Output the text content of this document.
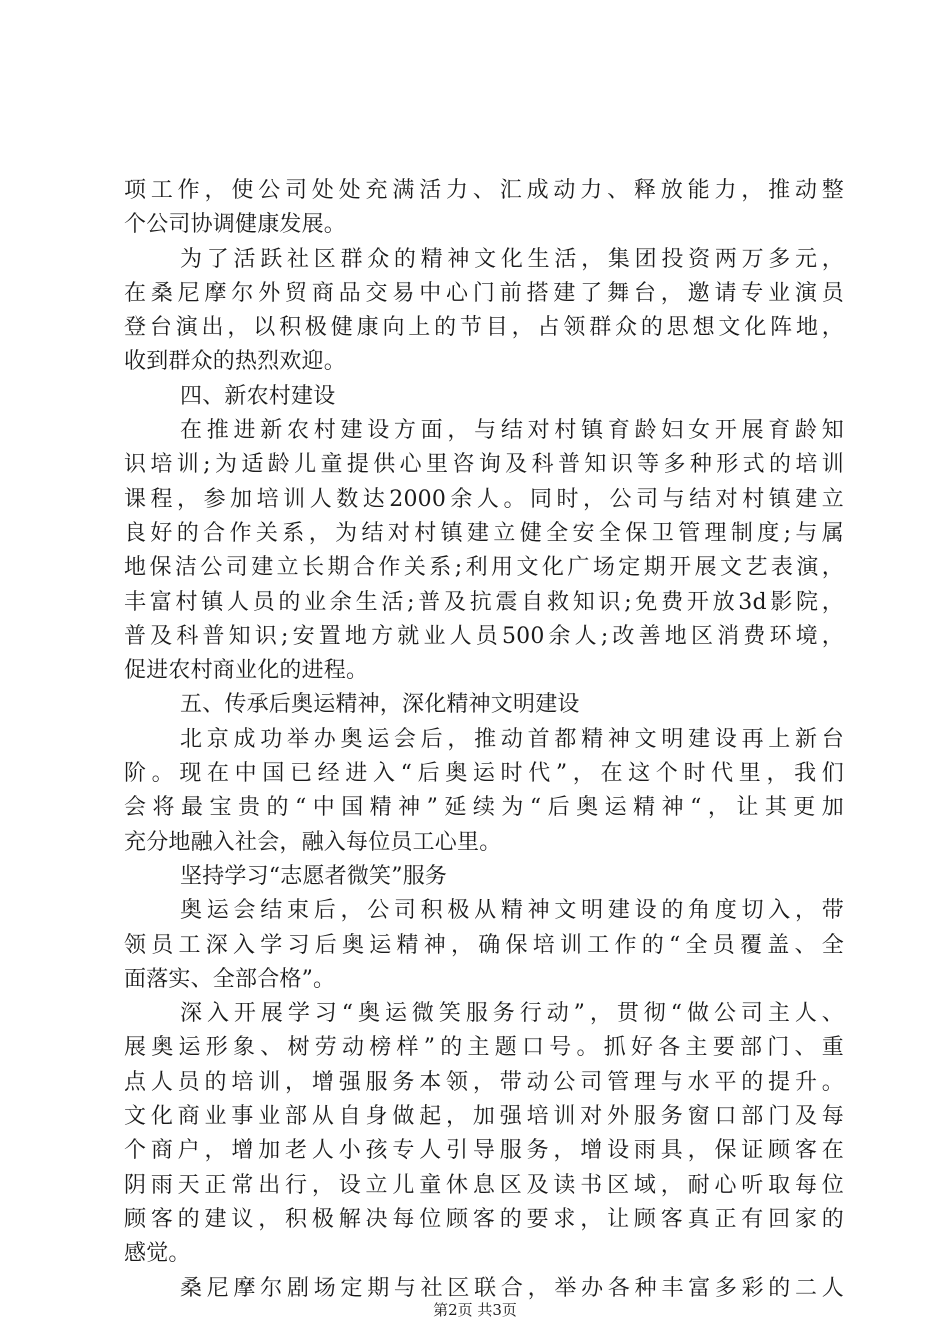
项工作，使公司处处充满活力、汇成动力、释放能力，推动整
个公司协调健康发展。
为了活跃社区群众的精神文化生活，集团投资两万多元，
在桑尼摩尔外贸商品交易中心门前搭建了舞台，邀请专业演员
登台演出，以积极健康向上的节目，占领群众的思想文化阵地，
收到群众的热烈欢迎。
四、新农村建设
在推进新农村建设方面，与结对村镇育龄妇女开展育龄知
识培训;为适龄儿童提供心里咨询及科普知识等多种形式的培训
课程，参加培训人数达2000余人。同时，公司与结对村镇建立
良好的合作关系，为结对村镇建立健全安全保卫管理制度;与属
地保洁公司建立长期合作关系;利用文化广场定期开展文艺表演，
丰富村镇人员的业余生活;普及抗震自救知识;免费开放3d影院，
普及科普知识;安置地方就业人员500余人;改善地区消费环境，
促进农村商业化的进程。
五、传承后奥运精神，深化精神文明建设
北京成功举办奥运会后，推动首都精神文明建设再上新台
阶。现在中国已经进入“后奥运时代”，在这个时代里，我们
会将最宝贵的“中国精神”延续为“后奥运精神“，让其更加
充分地融入社会，融入每位员工心里。
坚持学习“志愿者微笑”服务
奥运会结束后，公司积极从精神文明建设的角度切入，带
领员工深入学习后奥运精神，确保培训工作的“全员覆盖、全
面落实、全部合格”。
深入开展学习“奥运微笑服务行动”，贯彻“做公司主人、
展奥运形象、树劳动榜样”的主题口号。抓好各主要部门、重
点人员的培训，增强服务本领，带动公司管理与水平的提升。
文化商业事业部从自身做起，加强培训对外服务窗口部门及每
个商户，增加老人小孩专人引导服务，增设雨具，保证顾客在
阴雨天正常出行，设立儿童休息区及读书区域，耐心听取每位
顾客的建议，积极解决每位顾客的要求，让顾客真正有回家的
感觉。
桑尼摩尔剧场定期与社区联合，举办各种丰富多彩的二人
第2页 共3页
